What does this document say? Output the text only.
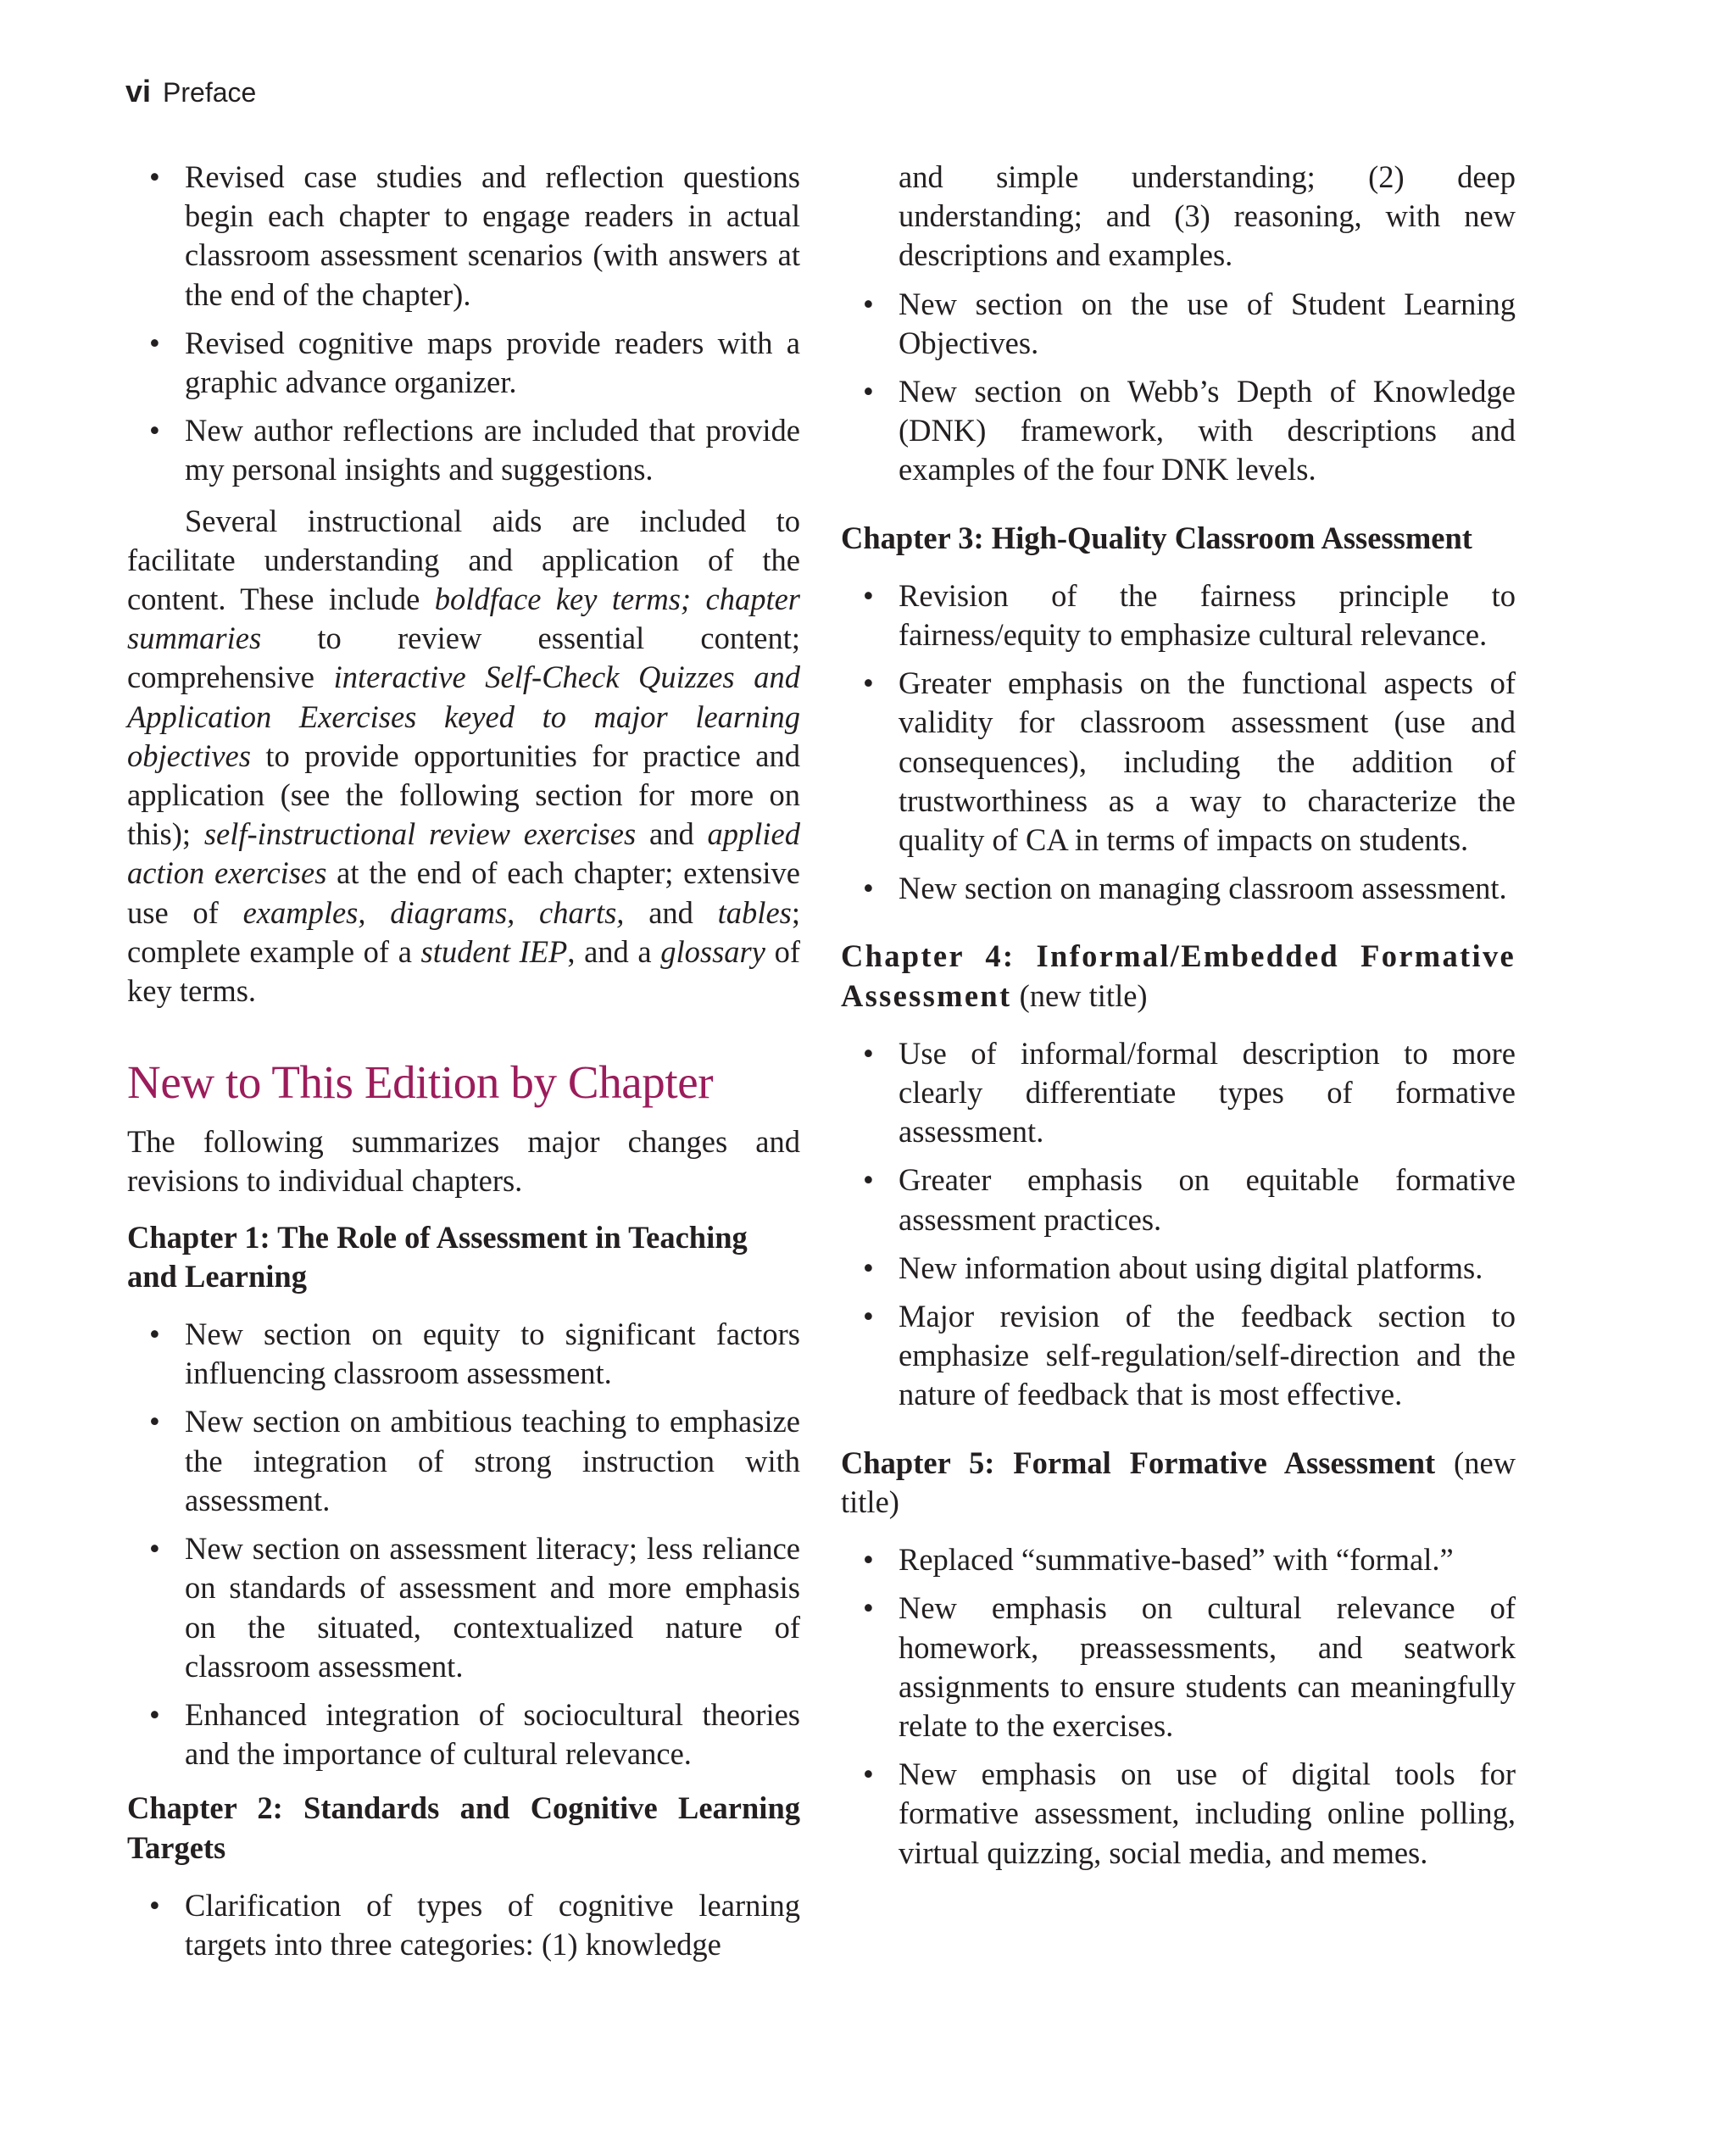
vi Preface
• Revised case studies and reflection questions begin each chapter to engage readers in actual classroom assessment scenarios (with answers at the end of the chapter).
• Revised cognitive maps provide readers with a graphic advance organizer.
• New author reflections are included that provide my personal insights and suggestions.

Several instructional aids are included to facilitate understanding and application of the content. These include boldface key terms; chapter summaries to review essential content; comprehensive interactive Self-Check Quizzes and Application Exercises keyed to major learning objectives to provide opportunities for practice and application (see the following section for more on this); self-instructional review exercises and applied action exercises at the end of each chapter; extensive use of examples, diagrams, charts, and tables; complete example of a student IEP, and a glossary of key terms.

New to This Edition by Chapter

The following summarizes major changes and revisions to individual chapters.

Chapter 1: The Role of Assessment in Teaching and Learning

• New section on equity to significant factors influencing classroom assessment.
• New section on ambitious teaching to emphasize the integration of strong instruction with assessment.
• New section on assessment literacy; less reliance on standards of assessment and more emphasis on the situated, contextualized nature of classroom assessment.
• Enhanced integration of sociocultural theories and the importance of cultural relevance.

Chapter 2: Standards and Cognitive Learning Targets

• Clarification of types of cognitive learning targets into three categories: (1) knowledge
and simple understanding; (2) deep understanding; and (3) reasoning, with new descriptions and examples.
• New section on the use of Student Learning Objectives.
• New section on Webb’s Depth of Knowledge (DNK) framework, with descriptions and examples of the four DNK levels.

Chapter 3: High-Quality Classroom Assessment

• Revision of the fairness principle to fairness/equity to emphasize cultural relevance.
• Greater emphasis on the functional aspects of validity for classroom assessment (use and consequences), including the addition of trustworthiness as a way to characterize the quality of CA in terms of impacts on students.
• New section on managing classroom assessment.

Chapter 4: Informal/Embedded Formative Assessment (new title)

• Use of informal/formal description to more clearly differentiate types of formative assessment.
• Greater emphasis on equitable formative assessment practices.
• New information about using digital platforms.
• Major revision of the feedback section to emphasize self-regulation/self-direction and the nature of feedback that is most effective.

Chapter 5: Formal Formative Assessment (new title)

• Replaced “summative-based” with “formal.”
• New emphasis on cultural relevance of homework, preassessments, and seatwork assignments to ensure students can meaningfully relate to the exercises.
• New emphasis on use of digital tools for formative assessment, including online polling, virtual quizzing, social media, and memes.
